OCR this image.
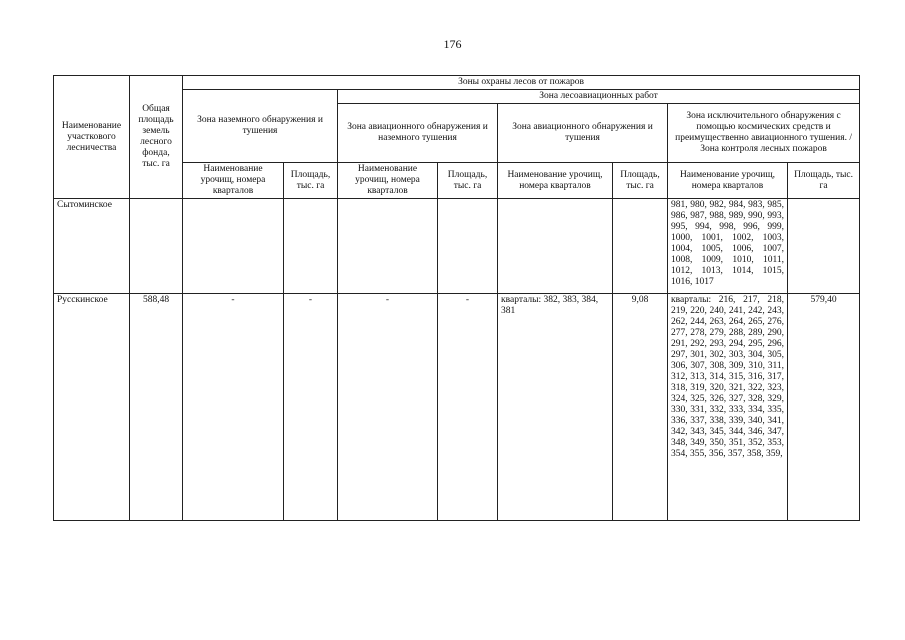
176
Наименование участкового лесничества	Общая площадь земель лесного фонда, тыс. га	Зоны охраны лесов от пожаров							
		Зона наземного обнаружения и тушения		Зона лесоавиационных работ					
				Зона авиационного обнаружения и наземного тушения		Зона авиационного обнаружения и тушения		Зона исключительного обнаружения с помощью космических средств и преимущественно авиационного тушения. / Зона контроля лесных пожаров	
		Наименование урочищ, номера кварталов	Площадь, тыс. га	Наименование урочищ, номера кварталов	Площадь, тыс. га	Наименование урочищ, номера кварталов	Площадь, тыс. га	Наименование урочищ, номера кварталов	Площадь, тыс. га
Сытоминское								981, 980, 982, 984, 983, 985, 986, 987, 988, 989, 990, 993, 995, 994, 998, 996, 999, 1000, 1001, 1002, 1003, 1004, 1005, 1006, 1007, 1008, 1009, 1010, 1011, 1012, 1013, 1014, 1015, 1016, 1017	
Русскинское	588,48	-	-	-	-	кварталы: 382, 383, 384, 381	9,08	кварталы: 216, 217, 218, 219, 220, 240, 241, 242, 243, 262, 244, 263, 264, 265, 276, 277, 278, 279, 288, 289, 290, 291, 292, 293, 294, 295, 296, 297, 301, 302, 303, 304, 305, 306, 307, 308, 309, 310, 311, 312, 313, 314, 315, 316, 317, 318, 319, 320, 321, 322, 323, 324, 325, 326, 327, 328, 329, 330, 331, 332, 333, 334, 335, 336, 337, 338, 339, 340, 341, 342, 343, 345, 344, 346, 347, 348, 349, 350, 351, 352, 353, 354, 355, 356, 357, 358, 359,	579,40
